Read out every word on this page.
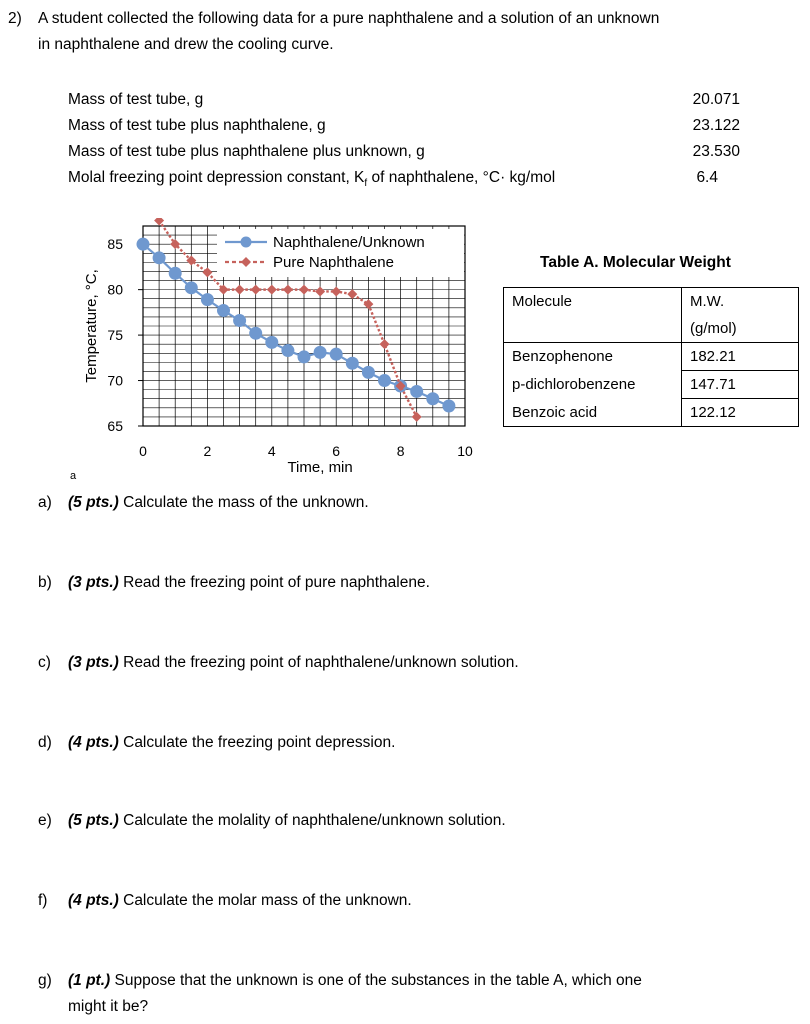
2) A student collected the following data for a pure naphthalene and a solution of an unknown
in naphthalene and drew the cooling curve.
Mass of test tube, g	20.071
Mass of test tube plus naphthalene, g	23.122
Mass of test tube plus naphthalene plus unknown, g	23.530
Molal freezing point depression constant, $K_f$ of naphthalene, °C· kg/mol	6.4
65
70
75
80
85
0	2	4	6	8	10
Time, min
Temperature, °C,
Naphthalene/Unknown
Pure Naphthalene
a
Table A. Molecular Weight
Molecule	M.W.
(g/mol)
Benzophenone	182.21
p-dichlorobenzene	147.71
Benzoic acid	122.12
a) (5 pts.) Calculate the mass of the unknown.
b) (3 pts.) Read the freezing point of pure naphthalene.
c) (3 pts.) Read the freezing point of naphthalene/unknown solution.
d) (4 pts.) Calculate the freezing point depression.
e) (5 pts.) Calculate the molality of naphthalene/unknown solution.
f) (4 pts.) Calculate the molar mass of the unknown.
g) (1 pt.) Suppose that the unknown is one of the substances in the table A, which one
might it be?
